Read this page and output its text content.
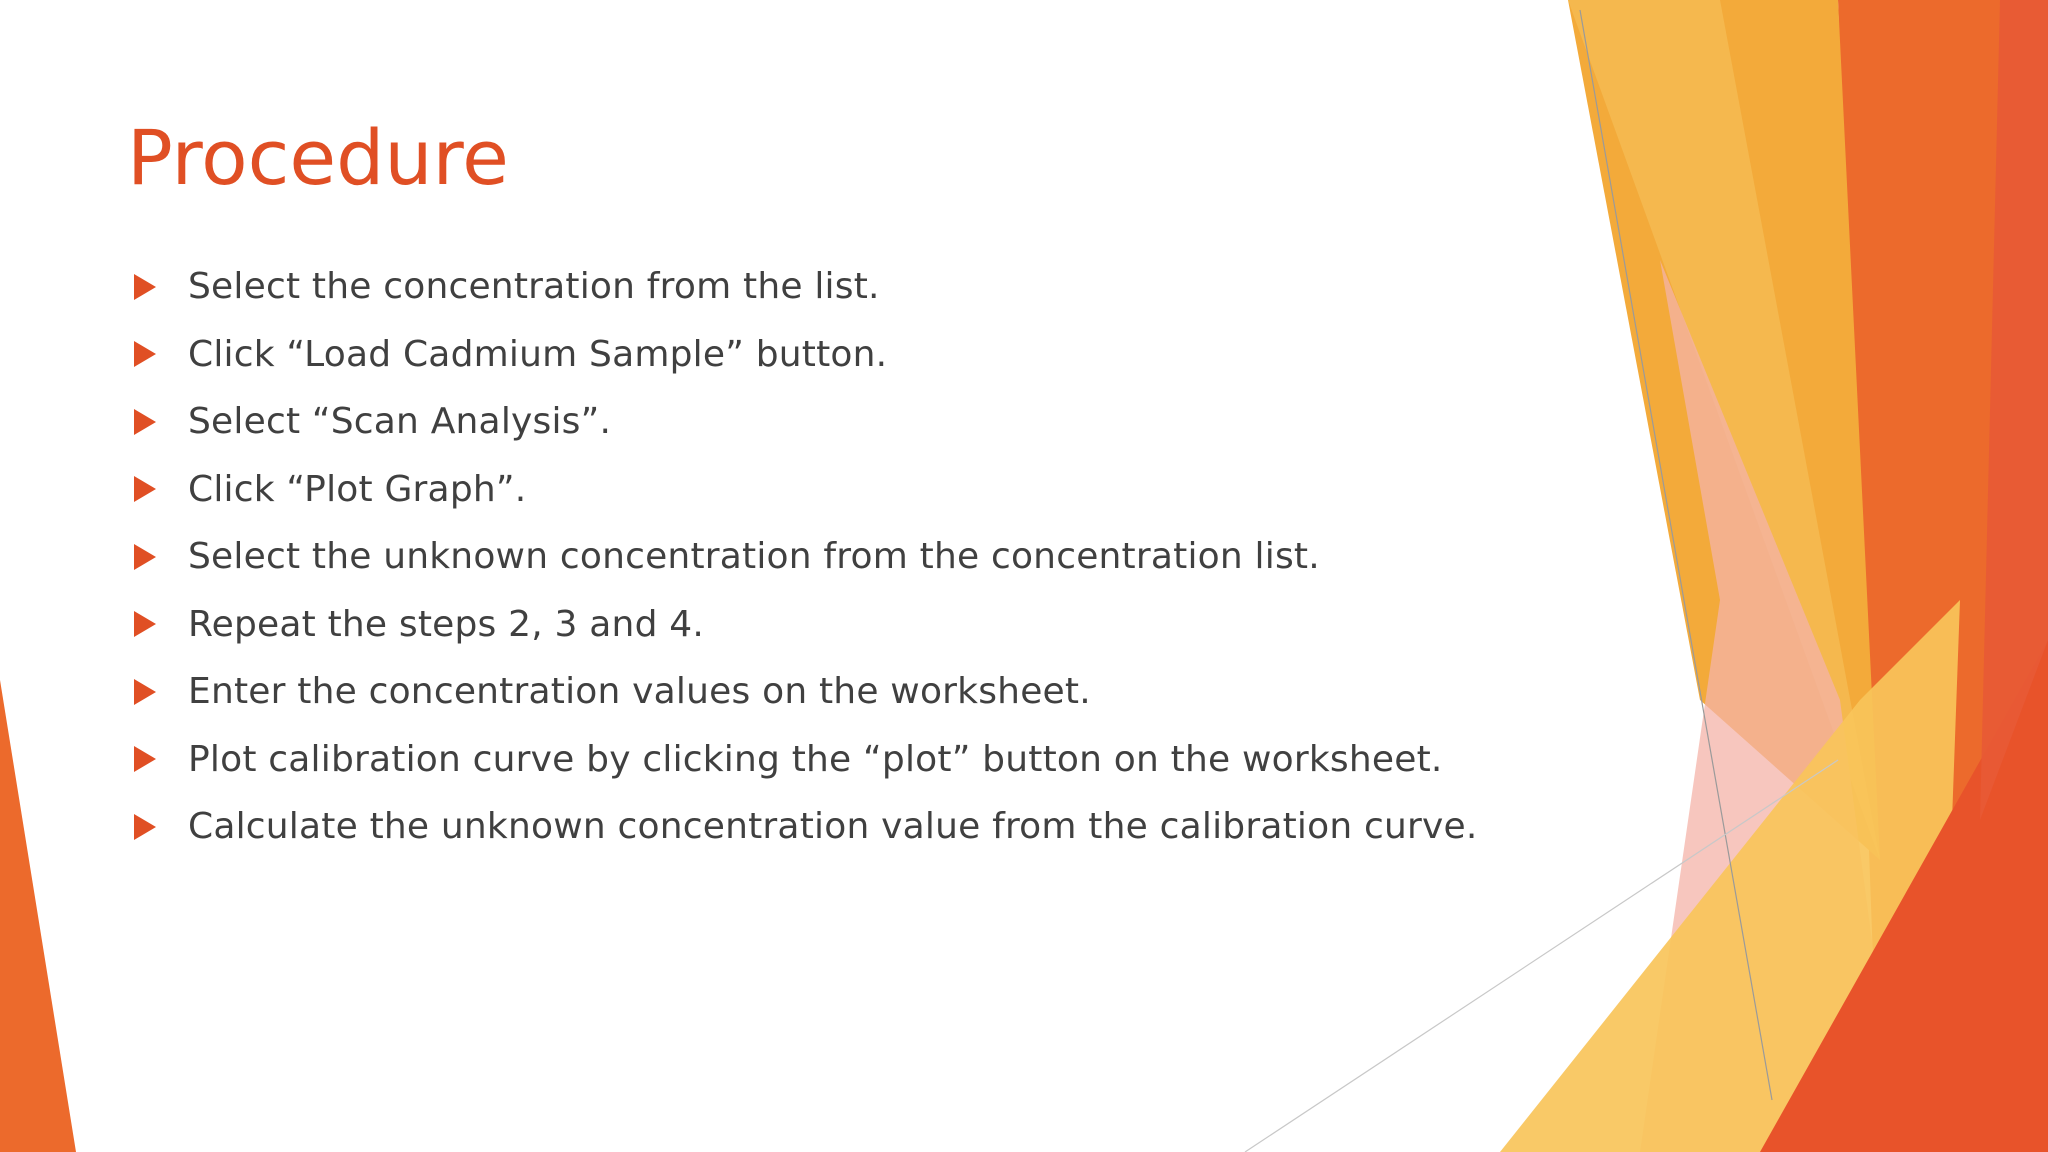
Procedure
Select the concentration from the list.
Click “Load Cadmium Sample” button.
Select “Scan Analysis”.
Click “Plot Graph”.
Select the unknown concentration from the concentration list.
Repeat the steps 2, 3 and 4.
Enter the concentration values on the worksheet.
Plot calibration curve by clicking the “plot” button on the worksheet.
Calculate the unknown concentration value from the calibration curve.
